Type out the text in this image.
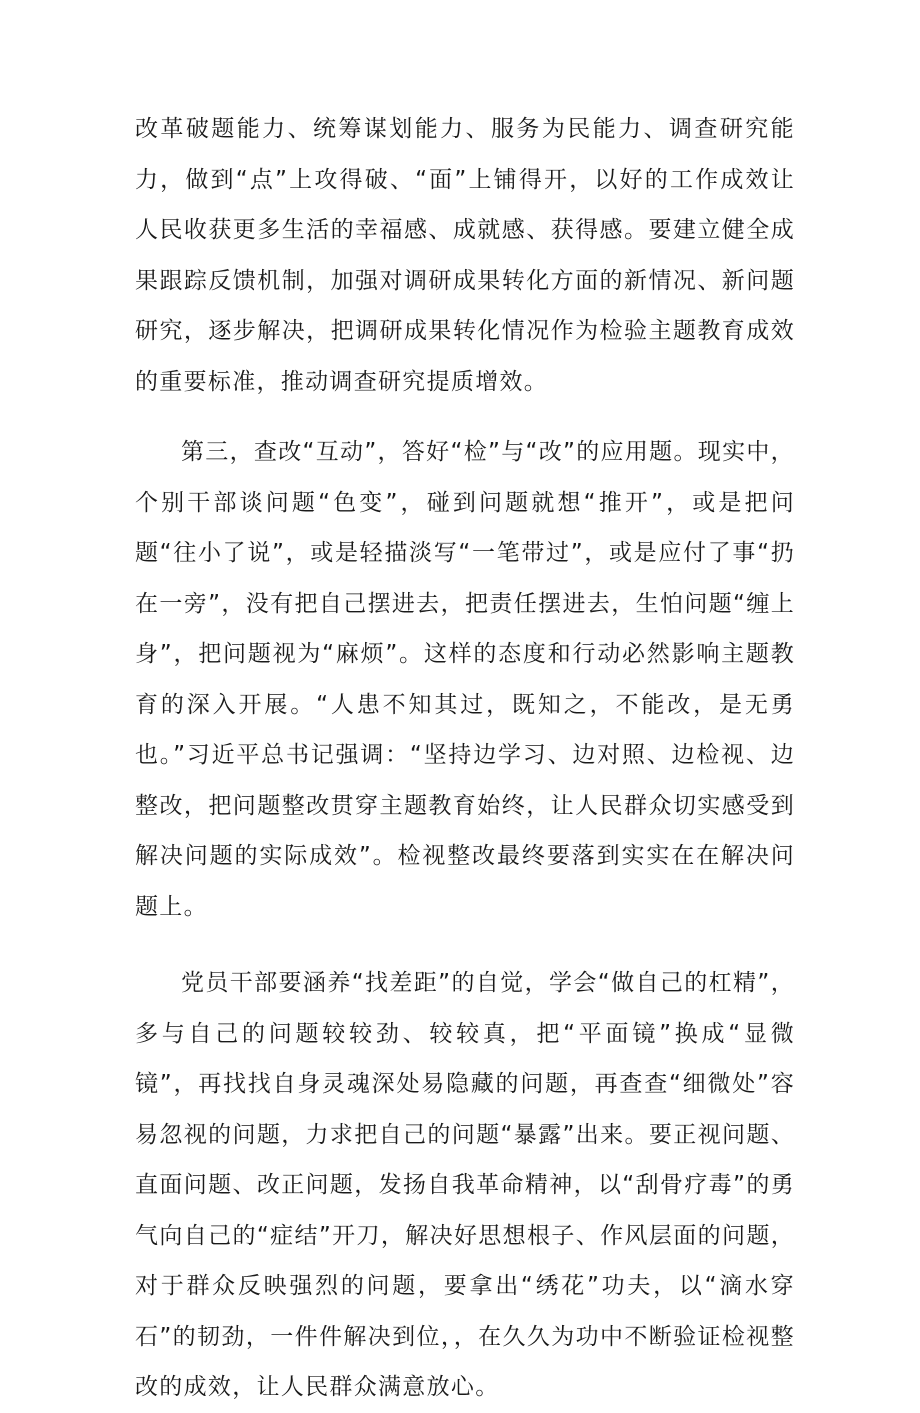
改革破题能力、统筹谋划能力、服务为民能力、调查研究能力，做到“点”上攻得破、“面”上铺得开，以好的工作成效让人民收获更多生活的幸福感、成就感、获得感。要建立健全成果跟踪反馈机制，加强对调研成果转化方面的新情况、新问题研究，逐步解决，把调研成果转化情况作为检验主题教育成效的重要标准，推动调查研究提质增效。

第三，查改“互动”，答好“检”与“改”的应用题。现实中，个别干部谈问题“色变”，碰到问题就想“推开”，或是把问题“往小了说”，或是轻描淡写“一笔带过”，或是应付了事“扔在一旁”，没有把自己摆进去，把责任摆进去，生怕问题“缠上身”，把问题视为“麻烦”。这样的态度和行动必然影响主题教育的深入开展。“人患不知其过，既知之，不能改，是无勇也。”习近平总书记强调：“坚持边学习、边对照、边检视、边整改，把问题整改贯穿主题教育始终，让人民群众切实感受到解决问题的实际成效”。检视整改最终要落到实实在在解决问题上。

党员干部要涵养“找差距”的自觉，学会“做自己的杠精”，多与自己的问题较较劲、较较真，把“平面镜”换成“显微镜”，再找找自身灵魂深处易隐藏的问题，再查查“细微处”容易忽视的问题，力求把自己的问题“暴露”出来。要正视问题、直面问题、改正问题，发扬自我革命精神，以“刮骨疗毒”的勇气向自己的“症结”开刀，解决好思想根子、作风层面的问题，对于群众反映强烈的问题，要拿出“绣花”功夫，以“滴水穿石”的韧劲，一件件解决到位，，在久久为功中不断验证检视整改的成效，让人民群众满意放心。
